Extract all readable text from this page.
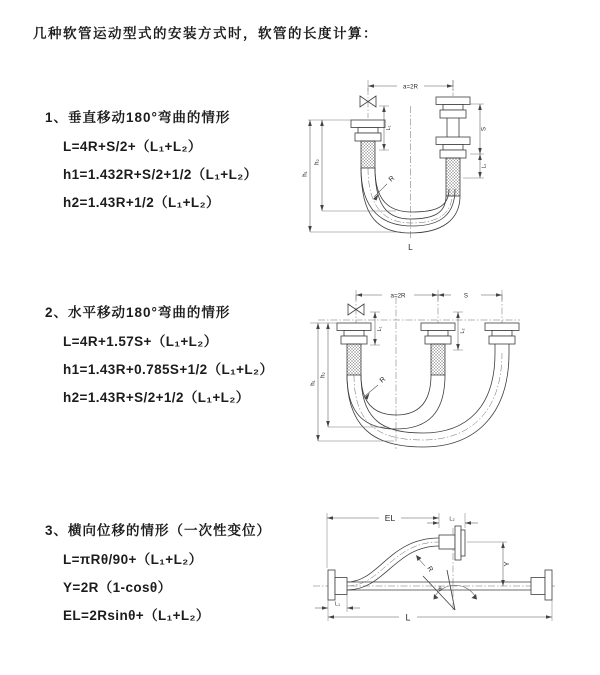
几种软管运动型式的安装方式时，软管的长度计算：
1、垂直移动180°弯曲的情形
L=4R+S/2+（L₁+L₂）
h1=1.432R+S/2+1/2（L₁+L₂）
h2=1.43R+1/2（L₁+L₂）
2、水平移动180°弯曲的情形
L=4R+1.57S+（L₁+L₂）
h1=1.43R+0.785S+1/2（L₁+L₂）
h2=1.43R+S/2+1/2（L₁+L₂）
3、横向位移的情形（一次性变位）
L=πRθ/90+（L₁+L₂）
Y=2R（1-cosθ）
EL=2Rsinθ+（L₁+L₂）
a=2R
h₁
h₂
L₁	S
L₂
R
L
a=2R	S
h₁
h₂
L₁	L₂
R
EL	L₂
Y
θ
R
L₁
L
